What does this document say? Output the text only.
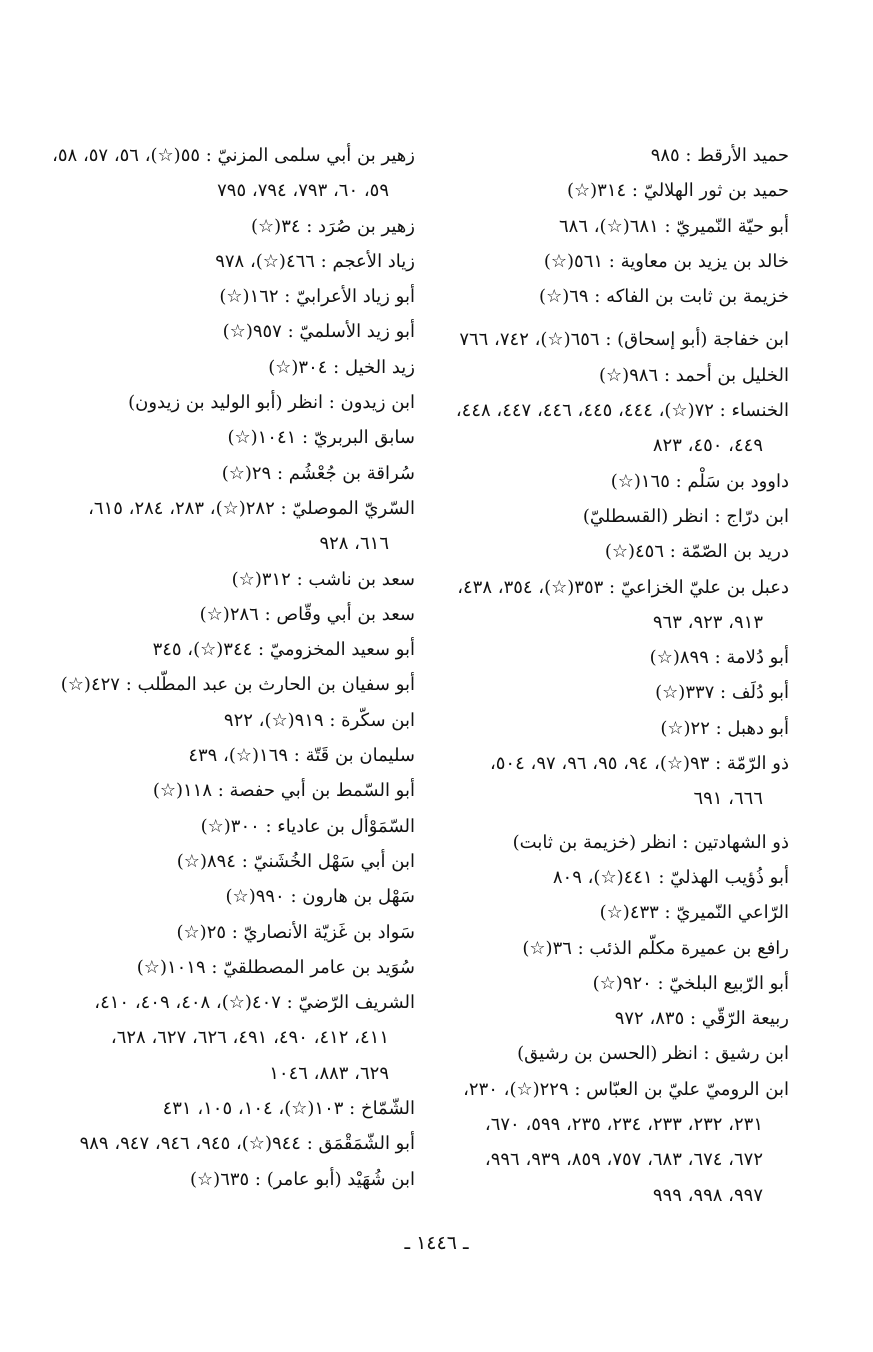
حميد الأرقط : ٩٨٥
حميد بن ثور الهلاليّ : ٣١٤(☆)
أبو حيّة النّميريّ : ٦٨١(☆)، ٦٨٦
خالد بن يزيد بن معاوية : ٥٦١(☆)
خزيمة بن ثابت بن الفاكه : ٦٩(☆)
ابن خفاجة (أبو إسحاق) : ٦٥٦(☆)، ٧٤٢، ٧٦٦
الخليل بن أحمد : ٩٨٦(☆)
الخنساء : ٧٢(☆)، ٤٤٤، ٤٤٥، ٤٤٦، ٤٤٧، ٤٤٨،
٤٤٩، ٤٥٠، ٨٢٣
داوود بن سَلْم : ١٦٥(☆)
ابن درّاج : انظر (القسطليّ)
دريد بن الصّمّة : ٤٥٦(☆)
دعبل بن عليّ الخزاعيّ : ٣٥٣(☆)، ٣٥٤، ٤٣٨،
٩١٣، ٩٢٣، ٩٦٣
أبو دُلامة : ٨٩٩(☆)
أبو دُلَف : ٣٣٧(☆)
أبو دهبل : ٢٢(☆)
ذو الرّمّة : ٩٣(☆)، ٩٤، ٩٥، ٩٦، ٩٧، ٥٠٤،
٦٦٦، ٦٩١
ذو الشهادتين : انظر (خزيمة بن ثابت)
أبو ذُؤيب الهذليّ : ٤٤١(☆)، ٨٠٩
الرّاعي النّميريّ : ٤٣٣(☆)
رافع بن عميرة مكلّم الذئب : ٣٦(☆)
أبو الرّبيع البلخيّ : ٩٢٠(☆)
ربيعة الرّقّي : ٨٣٥، ٩٧٢
ابن رشيق : انظر (الحسن بن رشيق)
ابن الروميّ عليّ بن العبّاس : ٢٢٩(☆)، ٢٣٠،
٢٣١، ٢٣٢، ٢٣٣، ٢٣٤، ٢٣٥، ٥٩٩، ٦٧٠،
٦٧٢، ٦٧٤، ٦٨٣، ٧٥٧، ٨٥٩، ٩٣٩، ٩٩٦،
٩٩٧، ٩٩٨، ٩٩٩
زهير بن أبي سلمى المزنيّ : ٥٥(☆)، ٥٦، ٥٧، ٥٨،
٥٩، ٦٠، ٧٩٣، ٧٩٤، ٧٩٥
زهير بن صُرَد : ٣٤(☆)
زياد الأعجم : ٤٦٦(☆)، ٩٧٨
أبو زياد الأعرابيّ : ١٦٢(☆)
أبو زيد الأسلميّ : ٩٥٧(☆)
زيد الخيل : ٣٠٤(☆)
ابن زيدون : انظر (أبو الوليد بن زيدون)
سابق البربريّ : ١٠٤١(☆)
سُراقة بن جُعْشُم : ٢٩(☆)
السّريّ الموصليّ : ٢٨٢(☆)، ٢٨٣، ٢٨٤، ٦١٥،
٦١٦، ٩٢٨
سعد بن ناشب : ٣١٢(☆)
سعد بن أبي وقّاص : ٢٨٦(☆)
أبو سعيد المخزوميّ : ٣٤٤(☆)، ٣٤٥
أبو سفيان بن الحارث بن عبد المطّلب : ٤٢٧(☆)
ابن سكّرة : ٩١٩(☆)، ٩٢٢
سليمان بن قَتّة : ١٦٩(☆)، ٤٣٩
أبو السّمط بن أبي حفصة : ١١٨(☆)
السّمَوْأل بن عادياء : ٣٠٠(☆)
ابن أبي سَهْل الخُشَنيّ : ٨٩٤(☆)
سَهْل بن هارون : ٩٩٠(☆)
سَواد بن غَزيّة الأنصاريّ : ٢٥(☆)
سُوَيد بن عامر المصطلقيّ : ١٠١٩(☆)
الشريف الرّضيّ : ٤٠٧(☆)، ٤٠٨، ٤٠٩، ٤١٠،
٤١١، ٤١٢، ٤٩٠، ٤٩١، ٦٢٦، ٦٢٧، ٦٢٨،
٦٢٩، ٨٨٣، ١٠٤٦
الشّمّاخ : ١٠٣(☆)، ١٠٤، ١٠٥، ٤٣١
أبو الشّمَقْمَق : ٩٤٤(☆)، ٩٤٥، ٩٤٦، ٩٤٧، ٩٨٩
ابن شُهَيْد (أبو عامر) : ٦٣٥(☆)
ـ ١٤٤٦ ـ
